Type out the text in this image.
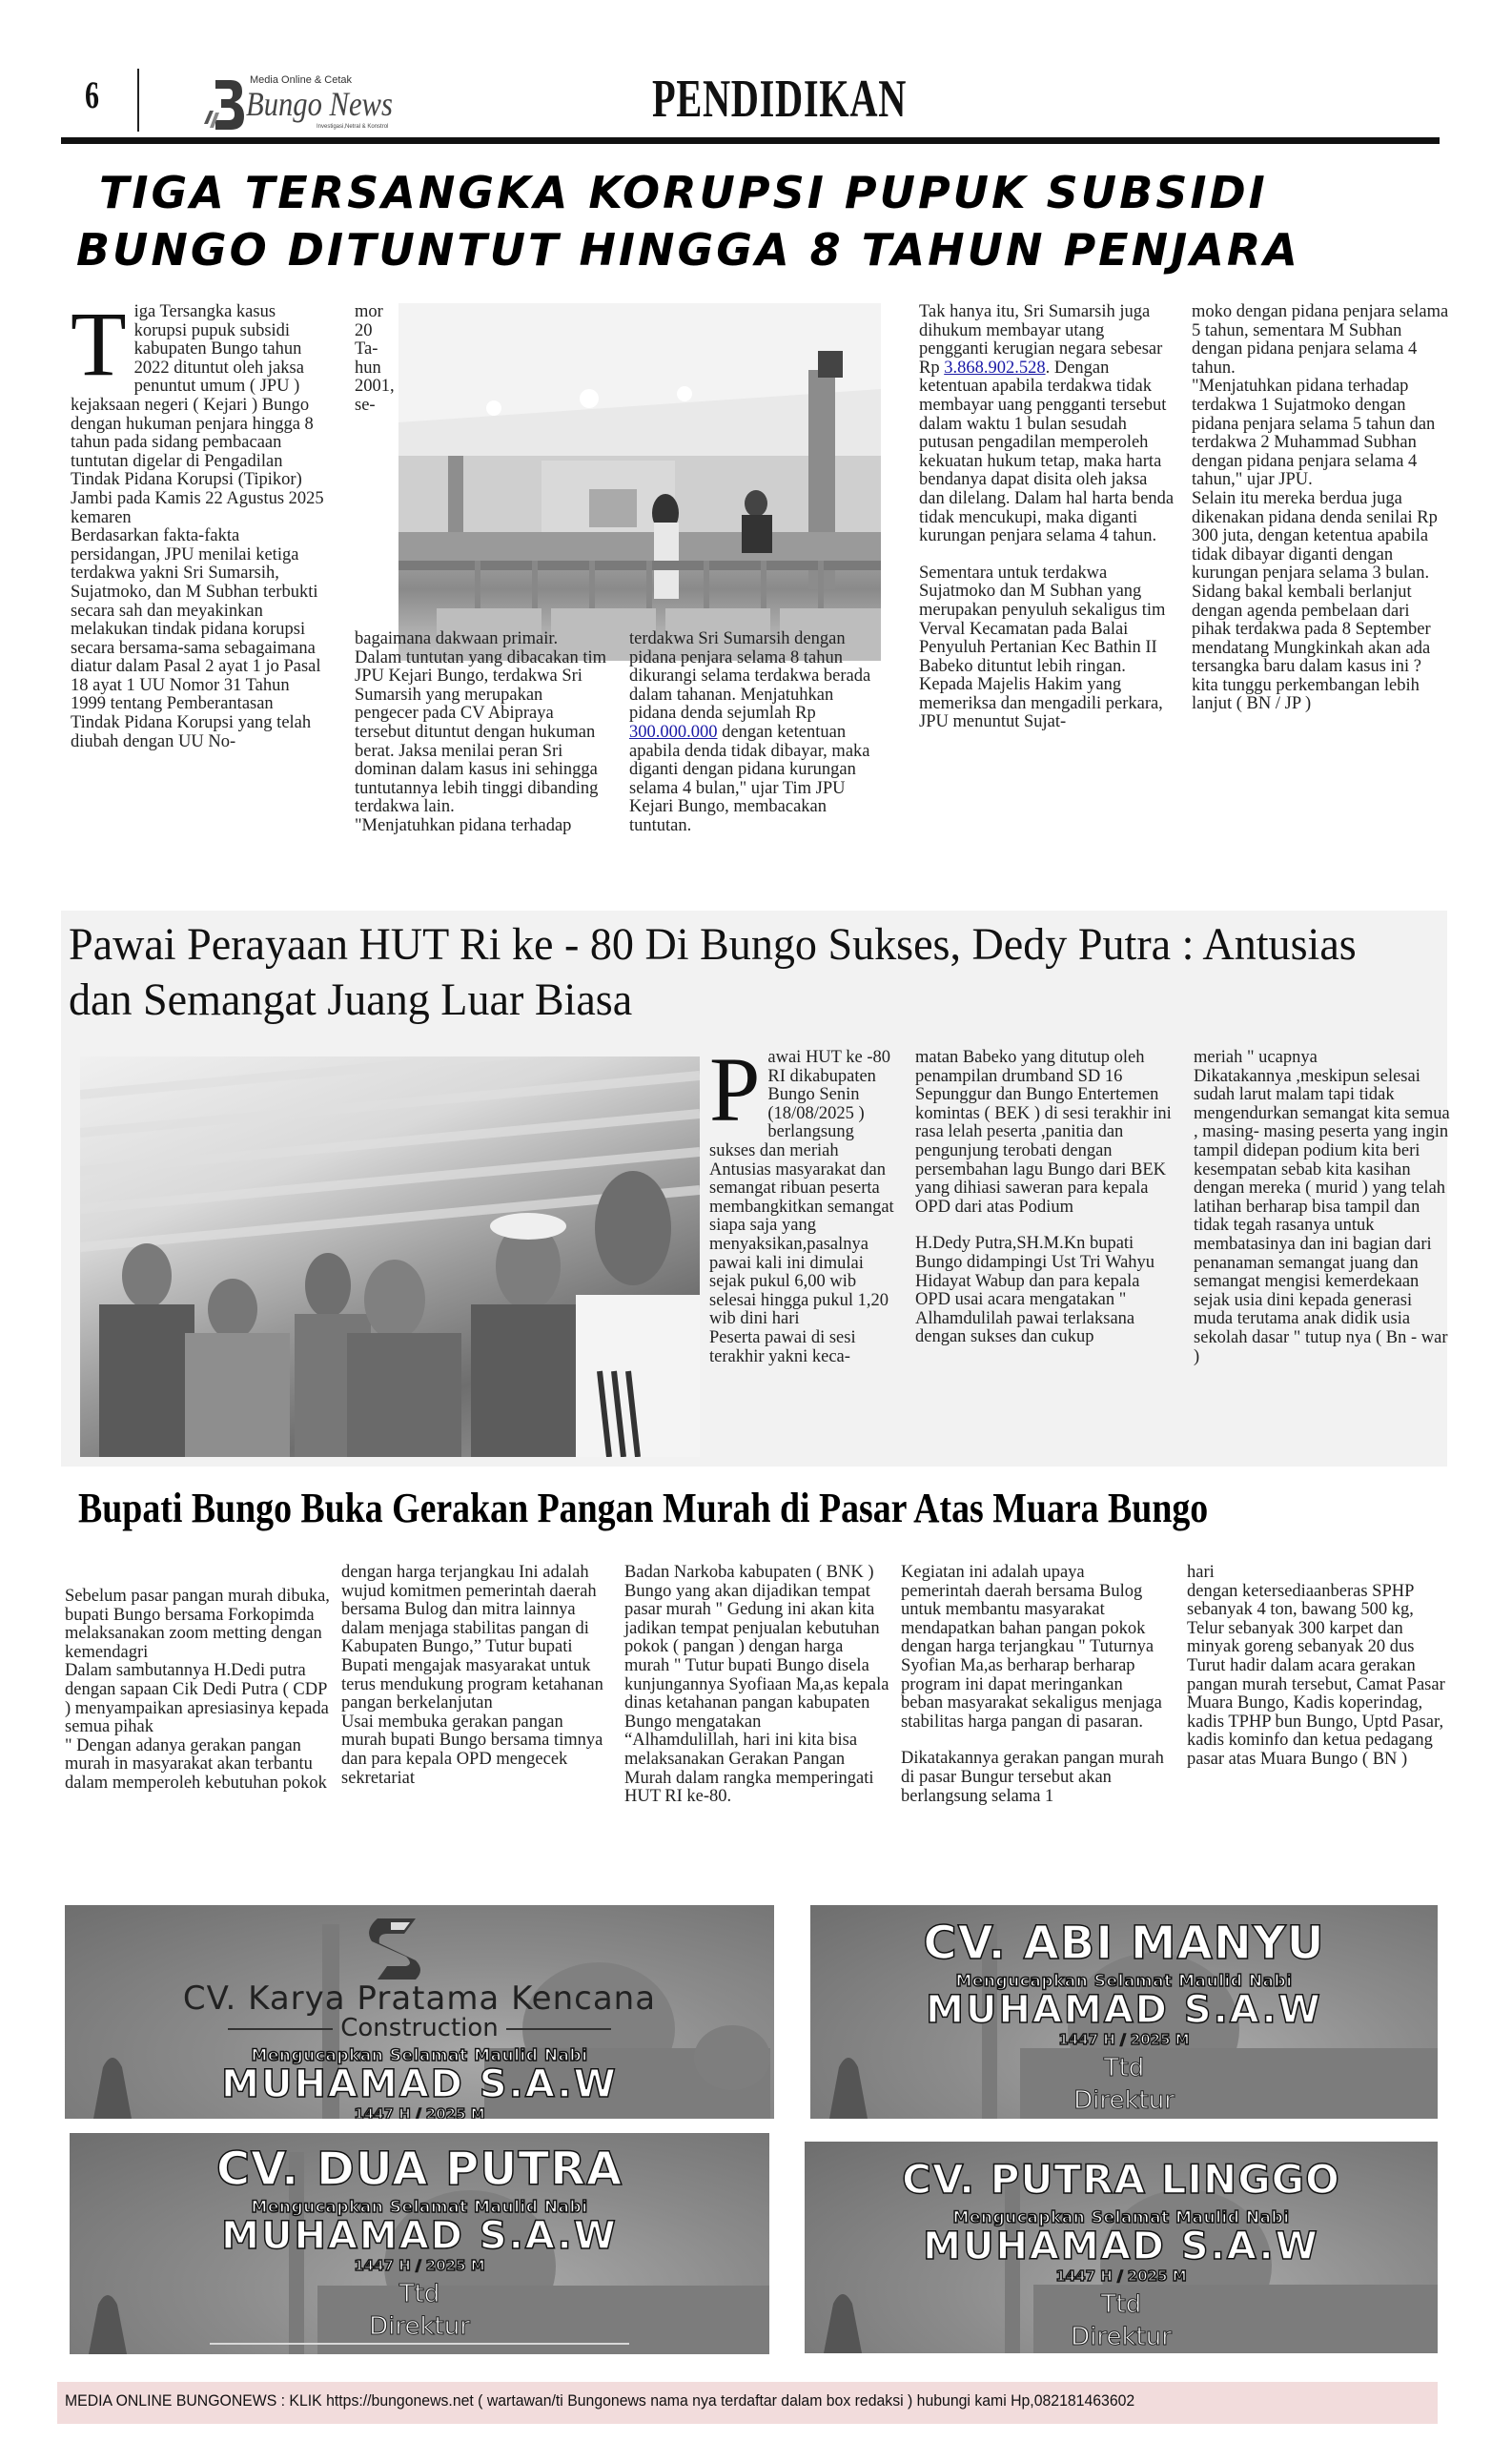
6	Media Online & Cetak
Bungo News
Investigasi,Netral & Konstrol	PENDIDIKAN
TIGA TERSANGKA KORUPSI PUPUK SUBSIDI
BUNGO DITUNTUT HINGGA 8 TAHUN PENJARA
T iga Tersangka kasus korupsi pupuk subsidi kabupaten Bungo tahun 2022 dituntut oleh jaksa penuntut umum ( JPU ) kejaksaan negeri ( Kejari ) Bungo dengan hukuman penjara hingga 8 tahun pada sidang pembacaan tuntutan digelar di Pengadilan Tindak Pidana Korupsi (Tipikor) Jambi pada Kamis 22 Agustus 2025 kemaren

Berdasarkan fakta-fakta persidangan, JPU menilai ketiga terdakwa yakni Sri Sumarsih, Sujatmoko, dan M Subhan terbukti secara sah dan meyakinkan melakukan tindak pidana korupsi secara bersama-sama sebagaimana diatur dalam Pasal 2 ayat 1 jo Pasal 18 ayat 1 UU Nomor 31 Tahun 1999 tentang Pemberantasan Tindak Pidana Korupsi yang telah diubah dengan UU No-

mor
20
Ta-
hun
2001,
se-

bagaimana dakwaan primair.

Dalam tuntutan yang dibacakan tim JPU Kejari Bungo, terdakwa Sri Sumarsih yang merupakan pengecer pada CV Abipraya tersebut dituntut dengan hukuman berat. Jaksa menilai peran Sri dominan dalam kasus ini sehingga tuntutannya lebih tinggi dibanding terdakwa lain.

"Menjatuhkan pidana terhadap

terdakwa Sri Sumarsih dengan pidana penjara selama 8 tahun dikurangi selama terdakwa berada dalam tahanan. Menjatuhkan pidana denda sejumlah Rp 300.000.000 dengan ketentuan apabila denda tidak dibayar, maka diganti dengan pidana kurungan selama 4 bulan," ujar Tim JPU Kejari Bungo, membacakan tuntutan.

Tak hanya itu, Sri Sumarsih juga dihukum membayar utang pengganti kerugian negara sebesar Rp 3.868.902.528. Dengan ketentuan apabila terdakwa tidak membayar uang pengganti tersebut dalam waktu 1 bulan sesudah putusan pengadilan memperoleh kekuatan hukum tetap, maka harta bendanya dapat disita oleh jaksa dan dilelang. Dalam hal harta benda tidak mencukupi, maka diganti kurungan penjara selama 4 tahun.

Sementara untuk terdakwa Sujatmoko dan M Subhan yang merupakan penyuluh sekaligus tim Verval Kecamatan pada Balai Penyuluh Pertanian Kec Bathin II Babeko dituntut lebih ringan.

Kepada Majelis Hakim yang memeriksa dan mengadili perkara, JPU menuntut Sujat-

moko dengan pidana penjara selama 5 tahun, sementara M Subhan dengan pidana penjara selama 4 tahun.

"Menjatuhkan pidana terhadap terdakwa 1 Sujatmoko dengan pidana penjara selama 5 tahun dan terdakwa 2 Muhammad Subhan dengan pidana penjara selama 4 tahun," ujar JPU.

Selain itu mereka berdua juga dikenakan pidana denda senilai Rp 300 juta, dengan ketentua apabila tidak dibayar diganti dengan kurungan penjara selama 3 bulan.

Sidang bakal kembali berlanjut dengan agenda pembelaan dari pihak terdakwa pada 8 September mendatang Mungkinkah akan ada tersangka baru dalam kasus ini ? kita tunggu perkembangan lebih lanjut ( BN / JP )

Pawai Perayaan HUT Ri ke - 80 Di Bungo Sukses, Dedy Putra : Antusias dan Semangat Juang Luar Biasa
P awai HUT ke -80 RI dikabupaten Bungo Senin (18/08/2025 ) berlangsung sukses dan meriah

Antusias masyarakat dan semangat ribuan peserta membangkitkan semangat siapa saja yang menyaksikan,pasalnya pawai kali ini dimulai sejak pukul 6,00 wib selesai hingga pukul 1,20 wib dini hari

Peserta pawai di sesi terakhir yakni keca-

matan Babeko yang ditutup oleh penampilan drumband SD 16 Sepunggur dan Bungo Entertemen komintas ( BEK ) di sesi terakhir ini rasa lelah peserta ,panitia dan pengunjung terobati dengan persembahan lagu Bungo dari BEK yang dihiasi saweran para kepala OPD dari atas Podium

H.Dedy Putra,SH.M.Kn bupati Bungo didampingi Ust Tri Wahyu Hidayat Wabup dan para kepala OPD usai acara mengatakan " Alhamdulilah pawai terlaksana dengan sukses dan cukup

meriah " ucapnya

Dikatakannya ,meskipun selesai sudah larut malam tapi tidak mengendurkan semangat kita semua , masing- masing peserta yang ingin tampil didepan podium kita beri kesempatan sebab kita kasihan dengan mereka ( murid ) yang telah latihan berharap bisa tampil dan tidak tegah rasanya untuk membatasinya dan ini bagian dari penanaman semangat juang dan semangat mengisi kemerdekaan sejak usia dini kepada generasi muda terutama anak didik usia sekolah dasar " tutup nya ( Bn - war )

Bupati Bungo Buka Gerakan Pangan Murah di Pasar Atas Muara Bungo

Sebelum pasar pangan murah dibuka, bupati Bungo bersama Forkopimda melaksanakan zoom metting dengan kemendagri

Dalam sambutannya H.Dedi putra dengan sapaan Cik Dedi Putra ( CDP ) menyampaikan apresiasinya kepada semua pihak

" Dengan adanya gerakan pangan murah in masyarakat akan terbantu dalam memperoleh kebutuhan pokok

dengan harga terjangkau Ini adalah wujud komitmen pemerintah daerah bersama Bulog dan mitra lainnya dalam menjaga stabilitas pangan di Kabupaten Bungo,” Tutur bupati

Bupati mengajak masyarakat untuk terus mendukung program ketahanan pangan berkelanjutan

Usai membuka gerakan pangan murah bupati Bungo bersama timnya dan para kepala OPD mengecek sekretariat

Badan Narkoba kabupaten ( BNK ) Bungo yang akan dijadikan tempat pasar murah " Gedung ini akan kita jadikan tempat penjualan kebutuhan pokok ( pangan ) dengan harga murah " Tutur bupati Bungo disela kunjungannya Syofiaan Ma,as kepala dinas ketahanan pangan kabupaten Bungo mengatakan

“Alhamdulillah, hari ini kita bisa melaksanakan Gerakan Pangan Murah dalam rangka memperingati HUT RI ke-80.

Kegiatan ini adalah upaya pemerintah daerah bersama Bulog untuk membantu masyarakat mendapatkan bahan pangan pokok dengan harga terjangkau " Tuturnya Syofian Ma,as berharap berharap program ini dapat meringankan beban masyarakat sekaligus menjaga stabilitas harga pangan di pasaran.

Dikatakannya gerakan pangan murah di pasar Bungur tersebut akan berlangsung selama 1

hari

dengan ketersediaanberas SPHP sebanyak 4 ton, bawang 500 kg, Telur sebanyak 300 karpet dan minyak goreng sebanyak 20 dus

Turut hadir dalam acara gerakan pangan murah tersebut, Camat Pasar Muara Bungo, Kadis koperindag, kadis TPHP bun Bungo, Uptd Pasar, kadis kominfo dan ketua pedagang pasar atas Muara Bungo ( BN )

CV. Karya Pratama Kencana
Construction
Mengucapkan Selamat Maulid Nabi
MUHAMAD S.A.W
1447 H / 2025 M
CV. ABI MANYU
Mengucapkan Selamat Maulid Nabi
MUHAMAD S.A.W
1447 H / 2025 M
Ttd
Direktur
CV. DUA PUTRA
Mengucapkan Selamat Maulid Nabi
MUHAMAD S.A.W
1447 H / 2025 M
Ttd
Direktur
CV. PUTRA LINGGO
Mengucapkan Selamat Maulid Nabi
MUHAMAD S.A.W
1447 H / 2025 M
Ttd
Direktur
MEDIA ONLINE BUNGONEWS : KLIK https://bungonews.net ( wartawan/ti Bungonews nama nya terdaftar dalam box redaksi ) hubungi kami Hp,082181463602
